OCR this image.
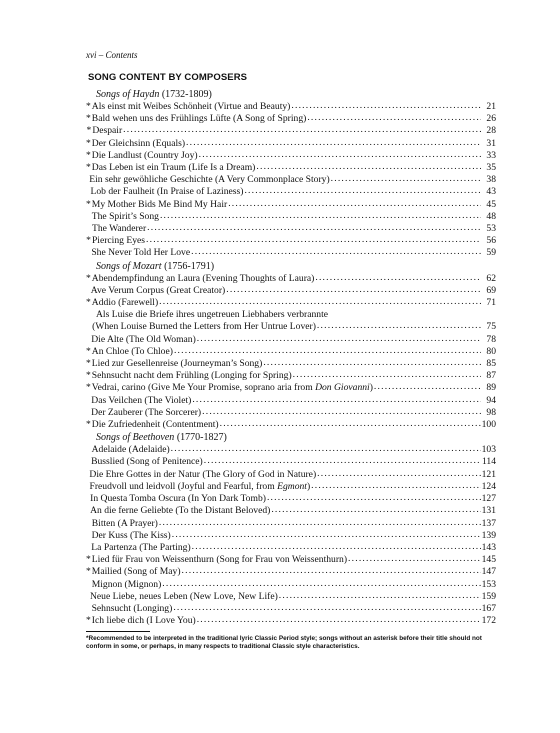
xvi – Contents
SONG CONTENT BY COMPOSERS
Songs of Haydn (1732-1809)
* Als einst mit Weibes Schönheit (Virtue and Beauty) . . .	21
* Bald wehen uns des Frühlings Lüfte (A Song of Spring) . . .	26
* Despair . . .	28
* Der Gleichsinn (Equals) . . .	31
* Die Landlust (Country Joy) . . .	33
* Das Leben ist ein Traum (Life Is a Dream) . . .	35
Ein sehr gewöhliche Geschichte (A Very Commonplace Story) . . .	38
Lob der Faulheit (In Praise of Laziness) . . .	43
* My Mother Bids Me Bind My Hair . . .	45
The Spirit’s Song . . .	48
The Wanderer . . .	53
* Piercing Eyes . . .	56
She Never Told Her Love . . .	59
Songs of Mozart (1756-1791)
* Abendempfindung an Laura (Evening Thoughts of Laura) . . .	62
Ave Verum Corpus (Great Creator) . . .	69
* Addio (Farewell) . . .	71
Als Luise die Briefe ihres ungetreuen Liebhabers verbrannte
(When Louise Burned the Letters from Her Untrue Lover) . . .	75
Die Alte (The Old Woman) . . .	78
* An Chloe (To Chloe) . . .	80
* Lied zur Gesellenreise (Journeyman’s Song) . . .	85
* Sehnsucht nacht dem Frühling (Longing for Spring) . . .	87
* Vedrai, carino (Give Me Your Promise, soprano aria from Don Giovanni) . . .	89
Das Veilchen (The Violet) . . .	94
Der Zauberer (The Sorcerer) . . .	98
* Die Zufriedenheit (Contentment) . . .	100
Songs of Beethoven (1770-1827)
Adelaide (Adelaide) . . .	103
Busslied (Song of Penitence) . . .	114
Die Ehre Gottes in der Natur (The Glory of God in Nature) . . .	121
Freudvoll und leidvoll (Joyful and Fearful, from Egmont) . . .	124
In Questa Tomba Oscura (In Yon Dark Tomb) . . .	127
An die ferne Geliebte (To the Distant Beloved) . . .	131
Bitten (A Prayer) . . .	137
Der Kuss (The Kiss) . . .	139
La Partenza (The Parting) . . .	143
* Lied für Frau von Weissenthurn (Song for Frau von Weissenthurn) . . .	145
* Mailied (Song of May) . . .	147
Mignon (Mignon) . . .	153
Neue Liebe, neues Leben (New Love, New Life) . . .	159
Sehnsucht (Longing) . . .	167
* Ich liebe dich (I Love You) . . .	172
*Recommended to be interpreted in the traditional lyric Classic Period style; songs without an asterisk before their title should not conform in some, or perhaps, in many respects to traditional Classic style characteristics.
